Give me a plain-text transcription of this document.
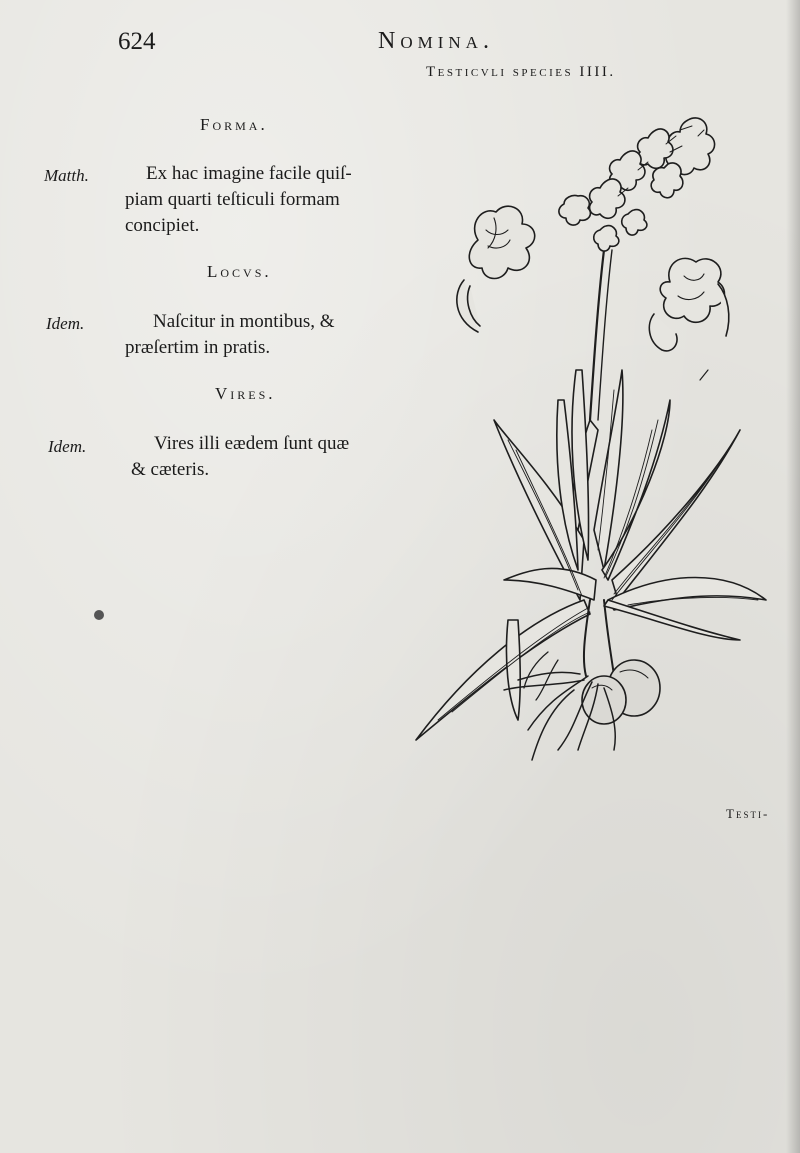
624	Nomina.

Testicvli species IIII.

Forma.

Matth.	Ex hac imagine facile quiſ-

piam quarti teſticuli formam

concipiet.

Locvs.

Idem.	Naſcitur in montibus, &

præſertim in pratis.

Vires.

Idem.	Vires illi eædem ſunt quæ

& cæteris.

Testi-
